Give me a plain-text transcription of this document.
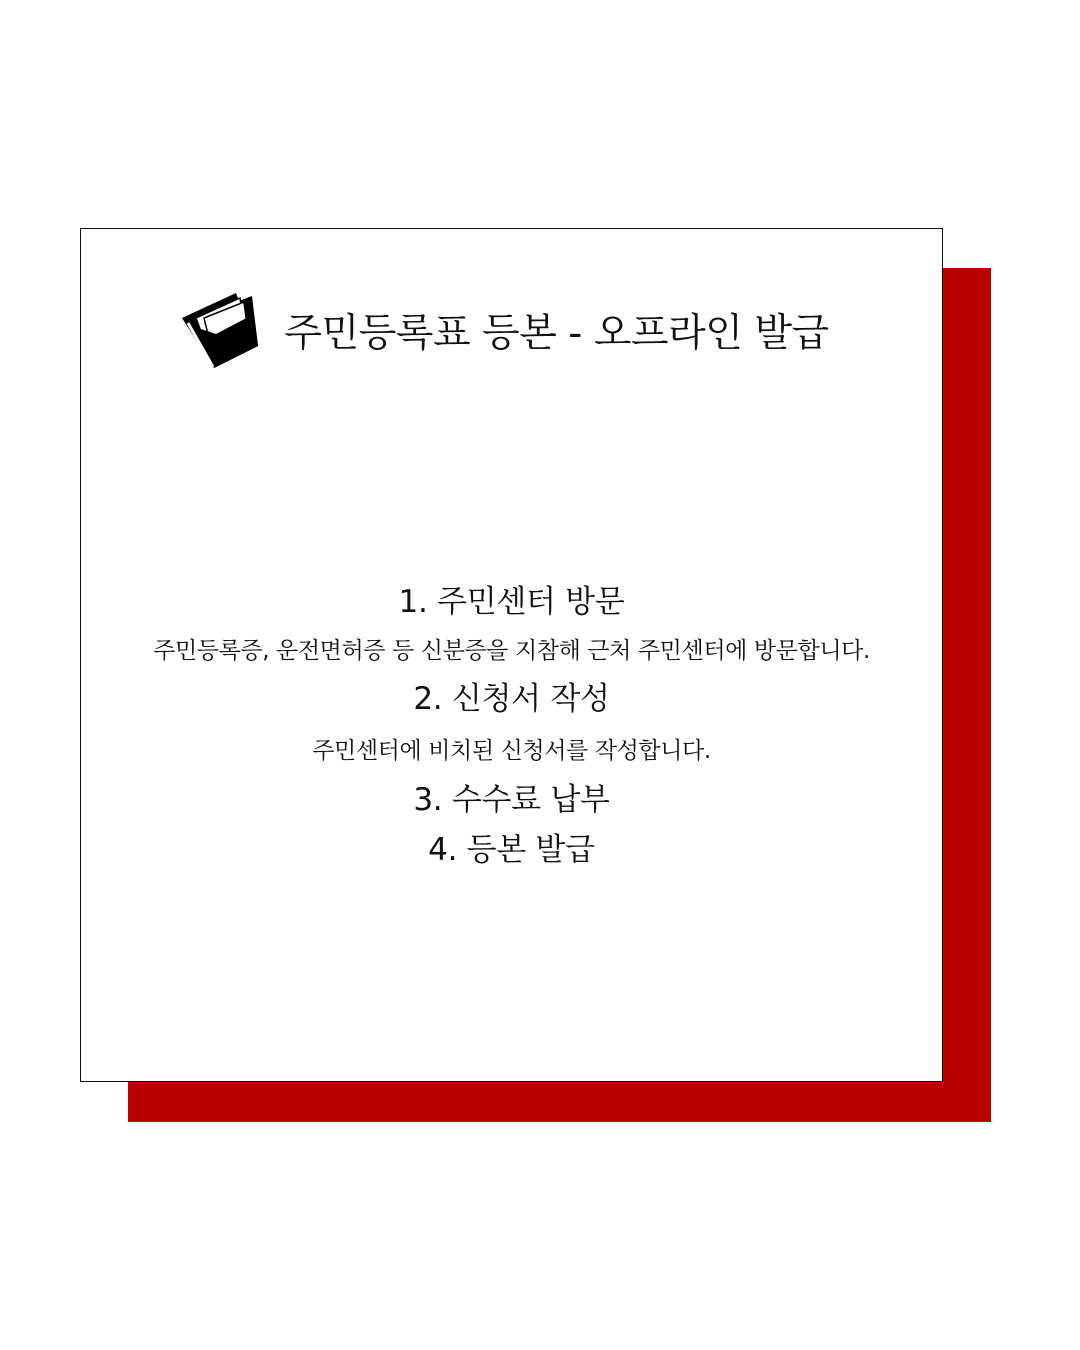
주민등록표 등본 - 오프라인 발급
1. 주민센터 방문
주민등록증, 운전면허증 등 신분증을 지참해 근처 주민센터에 방문합니다.
2. 신청서 작성
주민센터에 비치된 신청서를 작성합니다.
3. 수수료 납부
4. 등본 발급
